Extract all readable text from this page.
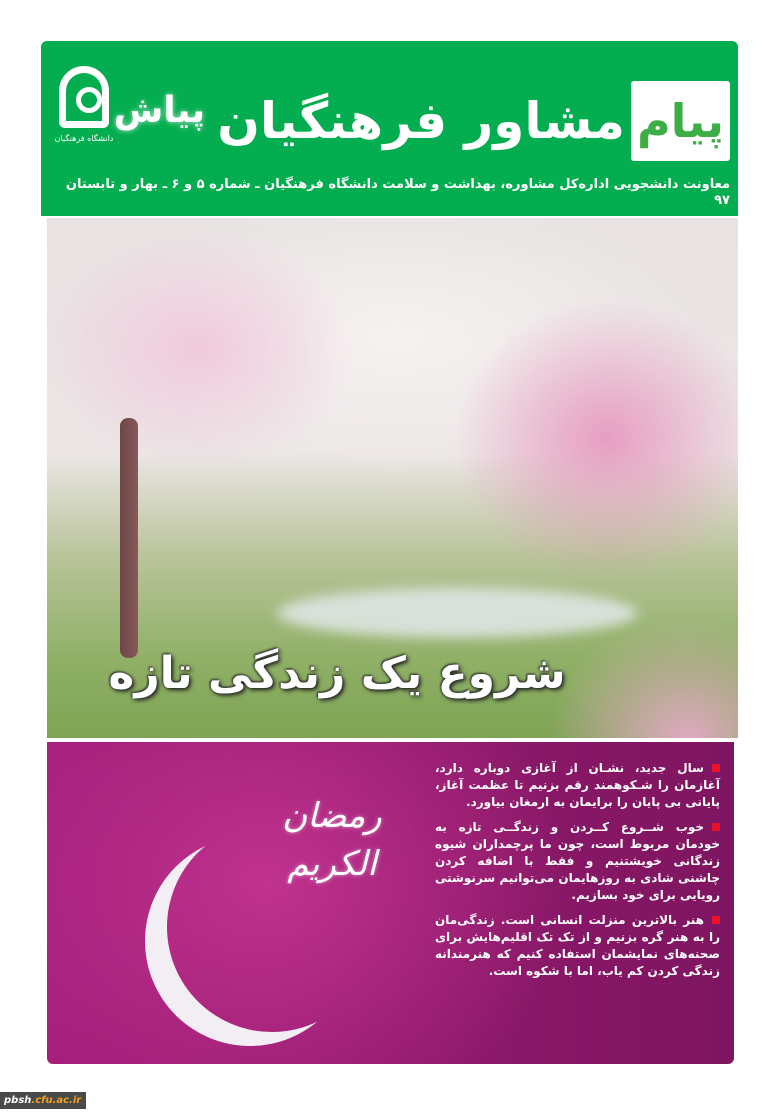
دانشگاه فرهنگیان
پیاش	پیام
مشاور فرهنگیان
معاونت دانشجویی اداره‌کل مشاوره، بهداشت و سلامت دانشگاه فرهنگیان ـ شماره ۵ و ۶ ـ بهار و تابستان ۹۷
شروع یک زندگی تازه
رمضان الکریم

سال جدید، نشـان از آغازی دوباره دارد، آغازمان را شـکوهمند رقم بزنیم تا عظمت آغاز، پایانی بی پایان را برایمان به ارمغان بیاورد.

خوب شــروع کــردن و زندگــی تازه به خودمان مربوط است، چون ما پرچمداران شیوه زندگانی خویشتنیم و فقط با اضافه کردن چاشنی شادی به روزهایمان می‌توانیم سرنوشتی رویایی برای خود بسازیم.

هنر بالاترین منزلت انسانی است. زندگی‌مان را به هنر گره بزنیم و از تک تک اقلیم‌هایش برای صحنه‌های نمایشمان استفاده کنیم که هنرمندانه زندگی کردن کم یاب، اما با شکوه است.

pbsh.cfu.ac.ir
